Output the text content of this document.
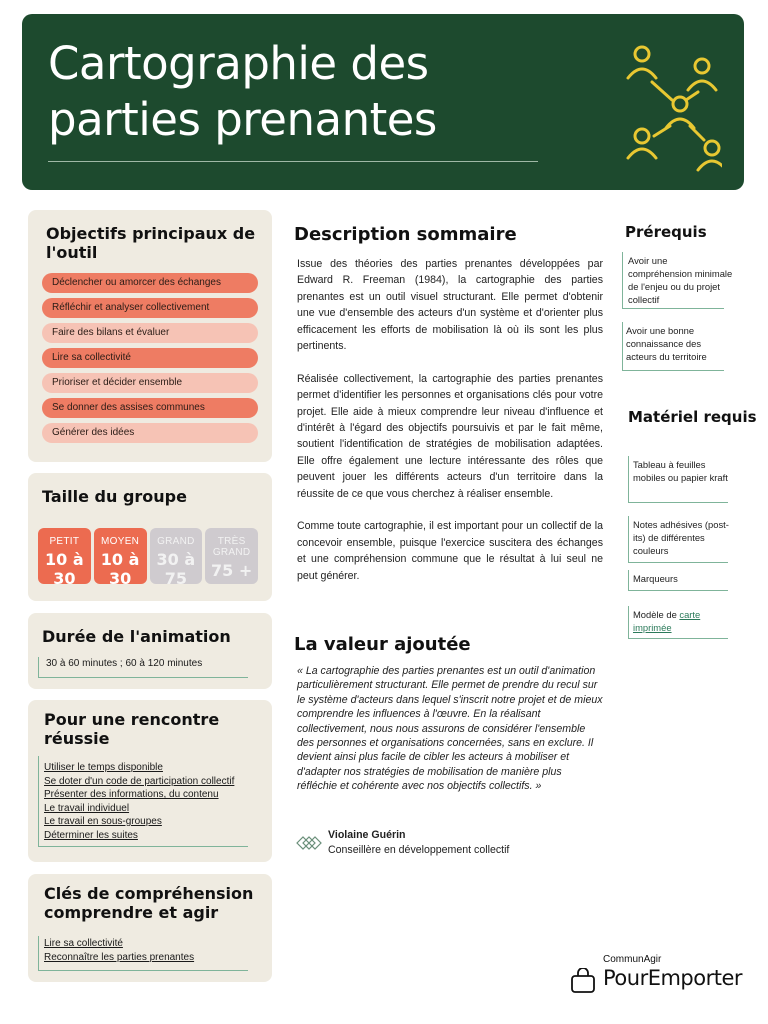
Cartographie des
parties prenantes
Objectifs principaux de l'outil
Déclencher ou amorcer des échanges
Réfléchir et analyser collectivement
Faire des bilans et évaluer
Lire sa collectivité
Prioriser et décider ensemble
Se donner des assises communes
Générer des idées
Taille du groupe
PETIT
10 à 30
MOYEN
10 à 30
GRAND
30 à 75
TRÈS GRAND
75 +
Durée de l'animation
30 à 60 minutes ; 60 à 120 minutes
Pour une rencontre réussie
Utiliser le temps disponible
Se doter d'un code de participation collectif
Présenter des informations, du contenu
Le travail individuel
Le travail en sous-groupes
Déterminer les suites
Clés de compréhension comprendre et agir
Lire sa collectivité
Reconnaître les parties prenantes
Description sommaire

Issue des théories des parties prenantes développées par Edward R. Freeman (1984), la cartographie des parties prenantes est un outil visuel structurant. Elle permet d'obtenir une vue d'ensemble des acteurs d'un système et d'orienter plus efficacement les efforts de mobilisation là où ils sont les plus pertinents.

Réalisée collectivement, la cartographie des parties prenantes permet d'identifier les personnes et organisations clés pour votre projet. Elle aide à mieux comprendre leur niveau d'influence et d'intérêt à l'égard des objectifs poursuivis et par le fait même, soutient l'identification de stratégies de mobilisation adaptées. Elle offre également une lecture intéressante des rôles que peuvent jouer les différents acteurs d'un territoire dans la réussite de ce que vous cherchez à réaliser ensemble.

Comme toute cartographie, il est important pour un collectif de la concevoir ensemble, puisque l'exercice suscitera des échanges et une compréhension commune que le résultat à lui seul ne peut générer.

La valeur ajoutée
« La cartographie des parties prenantes est un outil d'animation particulièrement structurant. Elle permet de prendre du recul sur le système d'acteurs dans lequel s'inscrit notre projet et de mieux comprendre les influences à l'œuvre. En la réalisant collectivement, nous nous assurons de considérer l'ensemble des personnes et organisations concernées, sans en exclure. Il devient ainsi plus facile de cibler les acteurs à mobiliser et d'adapter nos stratégies de mobilisation de manière plus réfléchie et cohérente avec nos objectifs collectifs. »
Violaine Guérin
Conseillère en développement collectif
Prérequis
Avoir une compréhension minimale de l'enjeu ou du projet collectif
Avoir une bonne connaissance des acteurs du territoire
Matériel requis
Tableau à feuilles mobiles ou papier kraft
Notes adhésives (post-its) de différentes couleurs
Marqueurs
Modèle de carte imprimée
CommunAgir
PourEmporter
